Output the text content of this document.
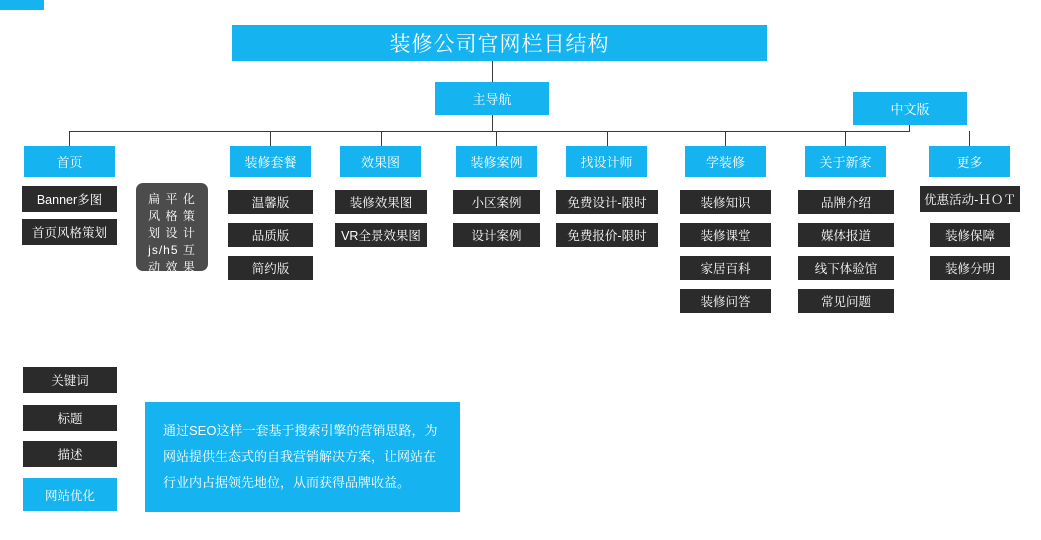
装修公司官网栏目结构
主导航
中文版
首页
Banner多图
首页风格策划
扁 平 化 风 格 策 划 设 计 js/h5 互 动 效 果
装修套餐
温馨版
品质版
简约版
效果图
装修效果图
VR全景效果图
装修案例
小区案例
设计案例
找设计师
免费设计-限时
免费报价-限时
学装修
装修知识
装修课堂
家居百科
装修问答
关于新家
品牌介绍
媒体报道
线下体验馆
常见问题
更多
优惠活动-ＨＯＴ
装修保障
装修分明
关键词
标题
描述
网站优化

通过SEO这样一套基于搜索引擎的营销思路，为

网站提供生态式的自我营销解决方案，让网站在

行业内占据领先地位，从而获得品牌收益。
